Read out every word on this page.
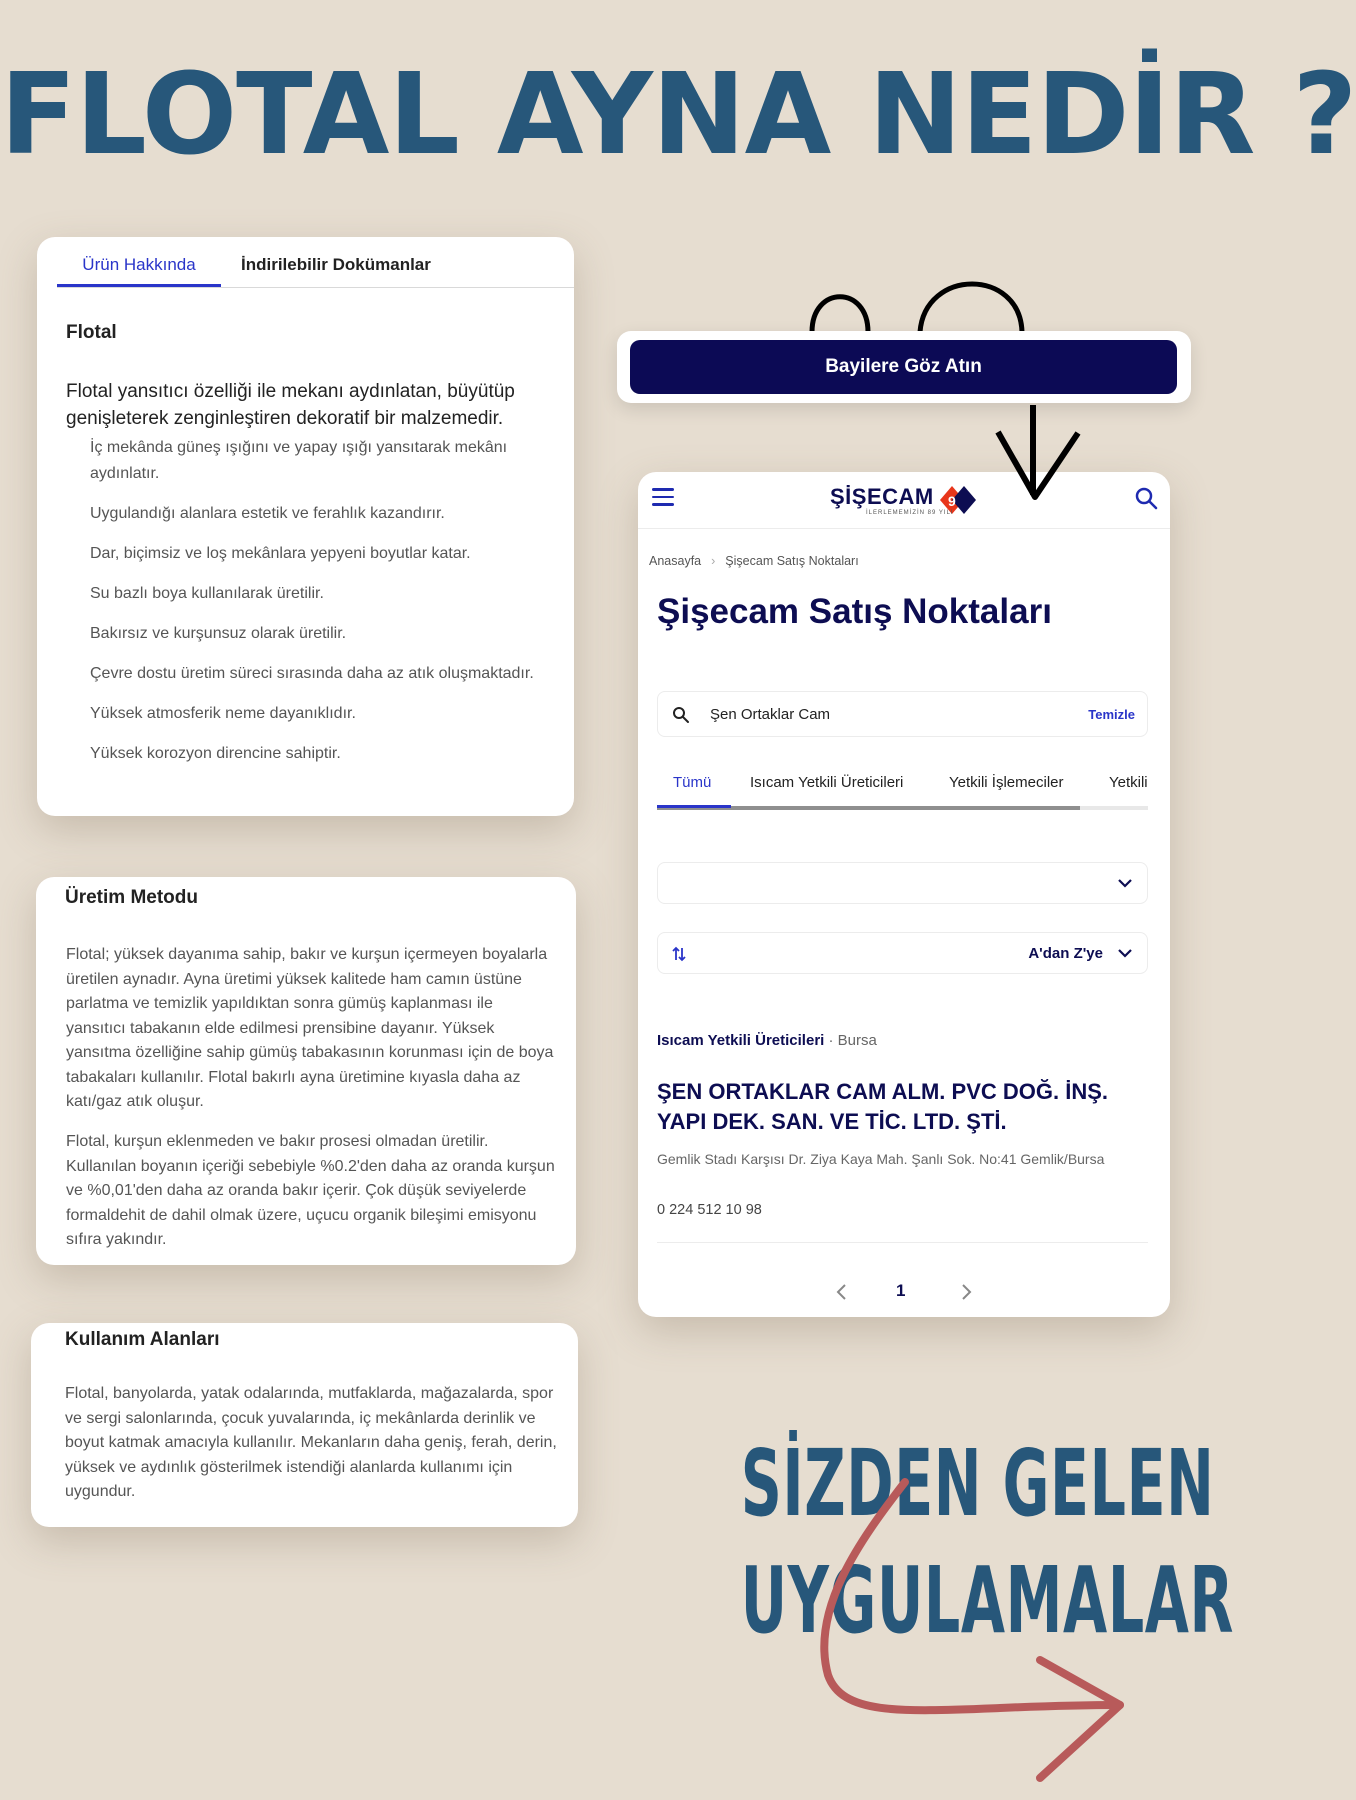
FLOTAL AYNA NEDİR ?
Ürün Hakkında	İndirilebilir Dokümanlar
Flotal
Flotal yansıtıcı özelliği ile mekanı aydınlatan, büyütüp genişleterek zenginleştiren dekoratif bir malzemedir.
İç mekânda güneş ışığını ve yapay ışığı yansıtarak mekânı aydınlatır.
Uygulandığı alanlara estetik ve ferahlık kazandırır.
Dar, biçimsiz ve loş mekânlara yepyeni boyutlar katar.
Su bazlı boya kullanılarak üretilir.
Bakırsız ve kurşunsuz olarak üretilir.
Çevre dostu üretim süreci sırasında daha az atık oluşmaktadır.
Yüksek atmosferik neme dayanıklıdır.
Yüksek korozyon direncine sahiptir.
Üretim Metodu

Flotal; yüksek dayanıma sahip, bakır ve kurşun içermeyen boyalarla üretilen aynadır. Ayna üretimi yüksek kalitede ham camın üstüne parlatma ve temizlik yapıldıktan sonra gümüş kaplanması ile yansıtıcı tabakanın elde edilmesi prensibine dayanır. Yüksek yansıtma özelliğine sahip gümüş tabakasının korunması için de boya tabakaları kullanılır. Flotal bakırlı ayna üretimine kıyasla daha az katı/gaz atık oluşur.

Flotal, kurşun eklenmeden ve bakır prosesi olmadan üretilir. Kullanılan boyanın içeriği sebebiyle %0.2'den daha az oranda kurşun ve %0,01'den daha az oranda bakır içerir. Çok düşük seviyelerde formaldehit de dahil olmak üzere, uçucu organik bileşimi emisyonu sıfıra yakındır.

Kullanım Alanları

Flotal, banyolarda, yatak odalarında, mutfaklarda, mağazalarda, spor ve sergi salonlarında, çocuk yuvalarında, iç mekânlarda derinlik ve boyut katmak amacıyla kullanılır. Mekanların daha geniş, ferah, derin, yüksek ve aydınlık gösterilmek istendiği alanlarda kullanımı için uygundur.

Bayilere Göz Atın
ŞİŞECAM 9
İLERLEMEMİZİN 89 YILI
Anasayfa › Şişecam Satış Noktaları
Şişecam Satış Noktaları
Şen Ortaklar Cam	Temizle
Tümü	Isıcam Yetkili Üreticileri	Yetkili İşlemeciler	Yetkili
A'dan Z'ye
Isıcam Yetkili Üreticileri · Bursa
ŞEN ORTAKLAR CAM ALM. PVC DOĞ. İNŞ. YAPI DEK. SAN. VE TİC. LTD. ŞTİ.
Gemlik Stadı Karşısı Dr. Ziya Kaya Mah. Şanlı Sok. No:41 Gemlik/Bursa
0 224 512 10 98
1
SİZDEN GELEN
UYGULAMALAR
